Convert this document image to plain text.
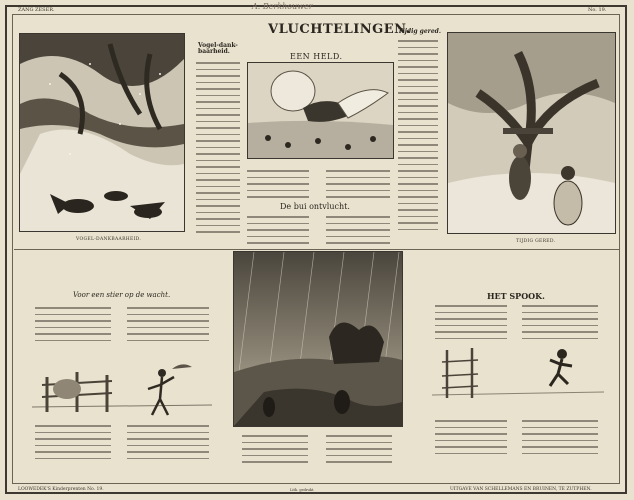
ZANG ZESER.	A. Berkhouwer	No. 19.
VLUCHTELINGEN.
VOGEL-DANKBAARHEID.
Vogel-dank-baarheid.
EEN HELD.
Tijdig gered.
De bui ontvlucht.
TIJDIG GERED.
Voor een stier op de wacht.	HET SPOOK.
LOOWEDEK'S Kinderprenten No. 19.	Lith. gedrukt.	UITGAVE VAN SCHELLEMANS EN BRUINEN, TE ZUTPHEN.
